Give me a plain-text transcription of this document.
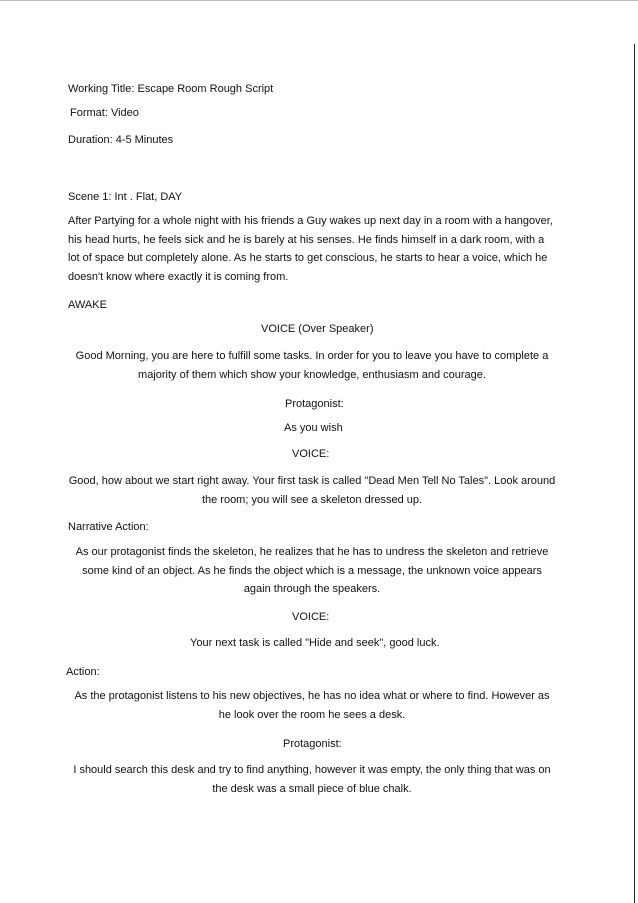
Working Title: Escape Room Rough Script
Format: Video
Duration: 4-5 Minutes
Scene 1: Int . Flat, DAY
After Partying for a whole night with his friends a Guy wakes up next day in a room with a hangover, his head hurts, he feels sick and he is barely at his senses. He finds himself in a dark room, with a lot of space but completely alone. As he starts to get conscious, he starts to hear a voice, which he doesn't know where exactly it is coming from.
AWAKE
VOICE (Over Speaker)
Good Morning, you are here to fulfill some tasks. In order for you to leave you have to complete a majority of them which show your knowledge, enthusiasm and courage.
Protagonist:
As you wish
VOICE:
Good, how about we start right away. Your first task is called "Dead Men Tell No Tales". Look around the room; you will see a skeleton dressed up.
Narrative Action:
As our protagonist finds the skeleton, he realizes that he has to undress the skeleton and retrieve some kind of an object. As he finds the object which is a message, the unknown voice appears again through the speakers.
VOICE:
Your next task is called "Hide and seek", good luck.
Action:
As the protagonist listens to his new objectives, he has no idea what or where to find. However as he look over the room he sees a desk.
Protagonist:
I should search this desk and try to find anything, however it was empty, the only thing that was on the desk was a small piece of blue chalk.
